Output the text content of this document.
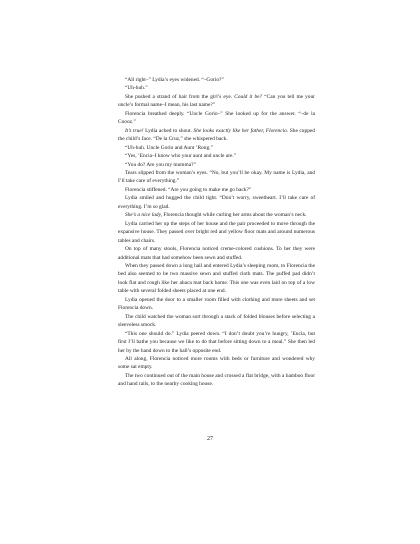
“All right–” Lydia’s eyes widened. “–Gorio?”

“Uh-huh.”

She pushed a strand of hair from the girl’s eye. Could it be? “Can you tell me your uncle’s formal name–I mean, his last name?”

Florencia breathed deeply. “Uncle Gorio–” She looked up for the answer. “–de la Coooz.”

It’s true! Lydia ached to shout. She looks exactly like her father, Florencio. She cupped the child’s face. “De la Cruz,” she whispered back.

“Uh-huh. Uncle Gorio and Aunt ’Rong.”

“Yes, ’Encia–I know who your aunt and uncle are.”

“You do? Are you my mumma?”

Tears slipped from the woman’s eyes. “No, but you’ll be okay. My name is Lydia, and I’ll take care of everything.”

Florencia stiffened. “Are you going to make me go back?”

Lydia smiled and hugged the child tight. “Don’t worry, sweetheart. I’ll take care of everything. I’m so glad.

She’s a nice lady, Florencia thought while curling her arms about the woman’s neck.

Lydia carried her up the steps of her house and the pair proceeded to move through the expansive house. They passed over bright red and yellow floor mats and around numerous tables and chairs.

On top of many stools, Florencia noticed creme-colored cushions. To her they were additional mats that had somehow been sewn and stuffed.

When they passed down a long hall and entered Lydia’s sleeping room, to Florencia the bed also seemed to be two massive sewn and stuffed cloth mats. The puffed pad didn’t look flat and rough like her abaca mat back home. This one was even laid on top of a low table with several folded sheets placed at one end.

Lydia opened the door to a smaller room filled with clothing and more sheets and set Florencia down.

The child watched the woman sort through a stack of folded blouses before selecting a sleeveless smock.

“This one should do.” Lydia peered down. “I don’t doubt you’re hungry, ’Encia, but first I’ll bathe you because we like to do that before sitting down to a meal.” She then led her by the hand down to the hall’s opposite end.

All along, Florencia noticed more rooms with beds or furniture and wondered why some sat empty.

The two continued out of the main house and crossed a flat bridge, with a bamboo floor and hand rails, to the nearby cooking house.

27
